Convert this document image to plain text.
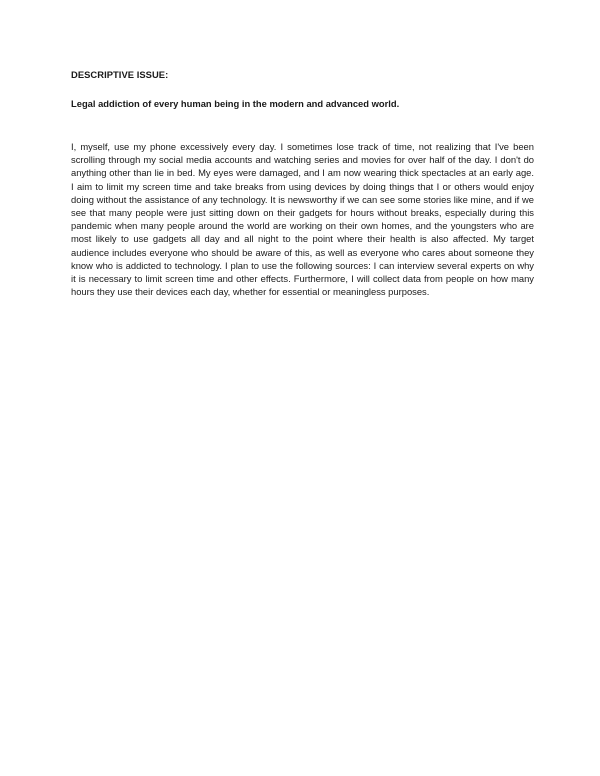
DESCRIPTIVE ISSUE:
Legal addiction of every human being in the modern and advanced world.

I, myself, use my phone excessively every day. I sometimes lose track of time, not realizing that I've been scrolling through my social media accounts and watching series and movies for over half of the day. I don't do anything other than lie in bed. My eyes were damaged, and I am now wearing thick spectacles at an early age. I aim to limit my screen time and take breaks from using devices by doing things that I or others would enjoy doing without the assistance of any technology. It is newsworthy if we can see some stories like mine, and if we see that many people were just sitting down on their gadgets for hours without breaks, especially during this pandemic when many people around the world are working on their own homes, and the youngsters who are most likely to use gadgets all day and all night to the point where their health is also affected. My target audience includes everyone who should be aware of this, as well as everyone who cares about someone they know who is addicted to technology. I plan to use the following sources: I can interview several experts on why it is necessary to limit screen time and other effects. Furthermore, I will collect data from people on how many hours they use their devices each day, whether for essential or meaningless purposes.
